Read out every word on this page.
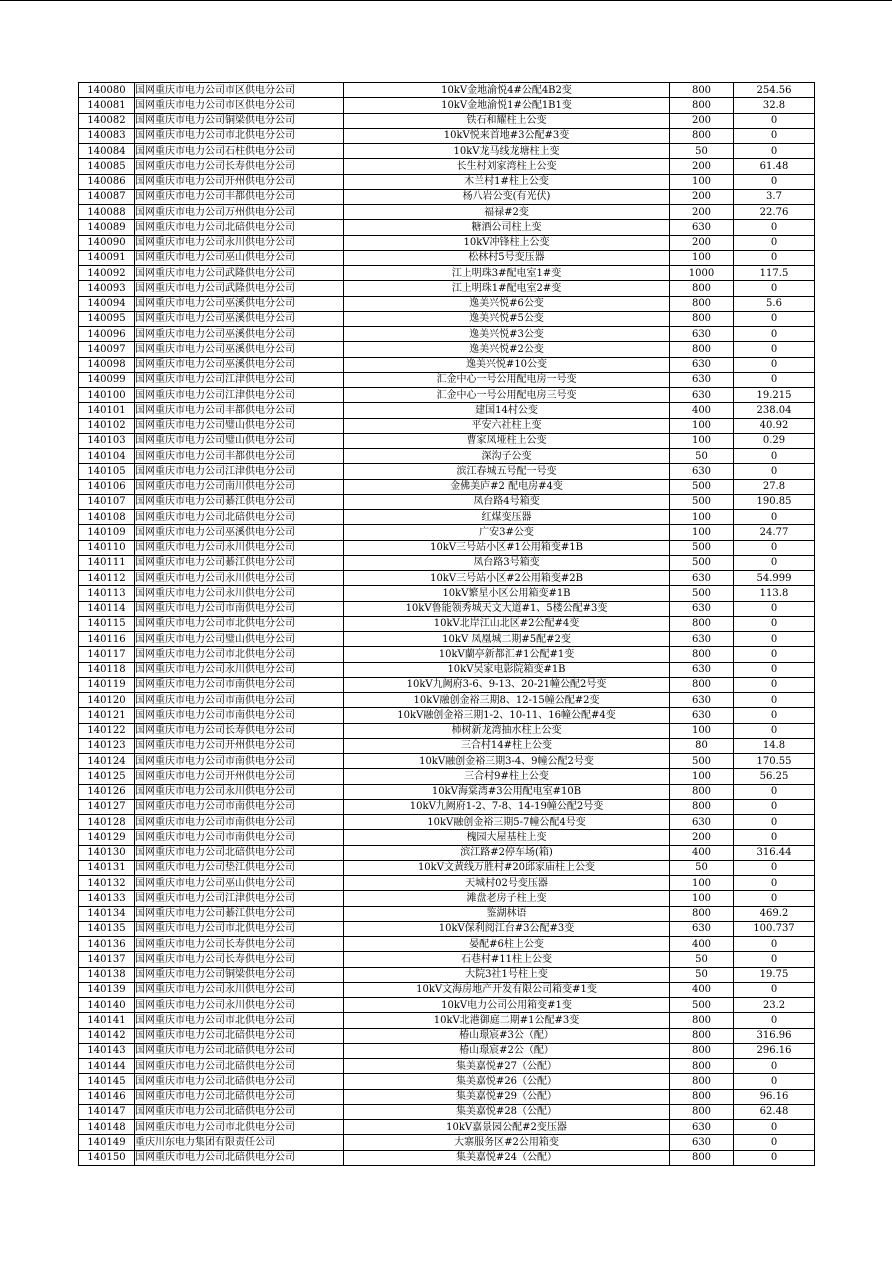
140080	国网重庆市电力公司市区供电分公司	10kV金地渝悦4#公配4B2变	800	254.56
140081	国网重庆市电力公司市区供电分公司	10kV金地渝悦1#公配1B1变	800	32.8
140082	国网重庆市电力公司铜梁供电分公司	铁石和耀柱上公变	200	0
140083	国网重庆市电力公司市北供电分公司	10kV悦来首地#3公配#3变	800	0
140084	国网重庆市电力公司石柱供电分公司	10kV龙马线龙塘柱上变	50	0
140085	国网重庆市电力公司长寿供电分公司	长生村刘家湾柱上公变	200	61.48
140086	国网重庆市电力公司开州供电分公司	木兰村1#柱上公变	100	0
140087	国网重庆市电力公司丰都供电分公司	杨八岩公变(有光伏)	200	3.7
140088	国网重庆市电力公司万州供电分公司	福禄#2变	200	22.76
140089	国网重庆市电力公司北碚供电分公司	糖酒公司柱上变	630	0
140090	国网重庆市电力公司永川供电分公司	10kV冲锋柱上公变	200	0
140091	国网重庆市电力公司巫山供电分公司	松林村5号变压器	100	0
140092	国网重庆市电力公司武隆供电分公司	江上明珠3#配电室1#变	1000	117.5
140093	国网重庆市电力公司武隆供电分公司	江上明珠1#配电室2#变	800	0
140094	国网重庆市电力公司巫溪供电分公司	逸美兴悦#6公变	800	5.6
140095	国网重庆市电力公司巫溪供电分公司	逸美兴悦#5公变	800	0
140096	国网重庆市电力公司巫溪供电分公司	逸美兴悦#3公变	630	0
140097	国网重庆市电力公司巫溪供电分公司	逸美兴悦#2公变	800	0
140098	国网重庆市电力公司巫溪供电分公司	逸美兴悦#10公变	630	0
140099	国网重庆市电力公司江津供电分公司	汇金中心一号公用配电房一号变	630	0
140100	国网重庆市电力公司江津供电分公司	汇金中心一号公用配电房三号变	630	19.215
140101	国网重庆市电力公司丰都供电分公司	建国14村公变	400	238.04
140102	国网重庆市电力公司璧山供电分公司	平安六社柱上变	100	40.92
140103	国网重庆市电力公司璧山供电分公司	曹家凤垭柱上公变	100	0.29
140104	国网重庆市电力公司丰都供电分公司	深沟子公变	50	0
140105	国网重庆市电力公司江津供电分公司	滨江春城五号配一号变	630	0
140106	国网重庆市电力公司南川供电分公司	金佛美庐#2 配电房#4变	500	27.8
140107	国网重庆市电力公司綦江供电分公司	凤台路4号箱变	500	190.85
140108	国网重庆市电力公司北碚供电分公司	红煤变压器	100	0
140109	国网重庆市电力公司巫溪供电分公司	广安3#公变	100	24.77
140110	国网重庆市电力公司永川供电分公司	10kV三号站小区#1公用箱变#1B	500	0
140111	国网重庆市电力公司綦江供电分公司	凤台路3号箱变	500	0
140112	国网重庆市电力公司永川供电分公司	10kV三号站小区#2公用箱变#2B	630	54.999
140113	国网重庆市电力公司永川供电分公司	10kV繁星小区公用箱变#1B	500	113.8
140114	国网重庆市电力公司市南供电分公司	10kV鲁能领秀城天文大道#1、5楼公配#3变	630	0
140115	国网重庆市电力公司市北供电分公司	10kV北岸江山北区#2公配#4变	800	0
140116	国网重庆市电力公司璧山供电分公司	10kV 凤凰城二期#5配#2变	630	0
140117	国网重庆市电力公司市北供电分公司	10kV蘭亭新都汇#1公配#1变	800	0
140118	国网重庆市电力公司永川供电分公司	10kV吴家电影院箱变#1B	630	0
140119	国网重庆市电力公司市南供电分公司	10kV九阙府3-6、9-13、20-21幢公配2号变	800	0
140120	国网重庆市电力公司市南供电分公司	10kV融创金裕三期8、12-15幢公配#2变	630	0
140121	国网重庆市电力公司市南供电分公司	10kV融创金裕三期1-2、10-11、16幢公配#4变	630	0
140122	国网重庆市电力公司长寿供电分公司	柿树新龙湾抽水柱上公变	100	0
140123	国网重庆市电力公司开州供电分公司	三合村14#柱上公变	80	14.8
140124	国网重庆市电力公司市南供电分公司	10kV融创金裕三期3-4、9幢公配2号变	500	170.55
140125	国网重庆市电力公司开州供电分公司	三合村9#柱上公变	100	56.25
140126	国网重庆市电力公司永川供电分公司	10kV海棠湾#3公用配电室#10B	800	0
140127	国网重庆市电力公司市南供电分公司	10kV九阙府1-2、7-8、14-19幢公配2号变	800	0
140128	国网重庆市电力公司市南供电分公司	10kV融创金裕三期5-7幢公配4号变	630	0
140129	国网重庆市电力公司市南供电分公司	槐园大屋基柱上变	200	0
140130	国网重庆市电力公司北碚供电分公司	滨江路#2停车场(箱)	400	316.44
140131	国网重庆市电力公司垫江供电分公司	10kV文黄线万胜村#20邱家庙柱上公变	50	0
140132	国网重庆市电力公司巫山供电分公司	天城村02号变压器	100	0
140133	国网重庆市电力公司江津供电分公司	滩盘老房子柱上变	100	0
140134	国网重庆市电力公司綦江供电分公司	鉴湖林语	800	469.2
140135	国网重庆市电力公司市北供电分公司	10kV保利阅江台#3公配#3变	630	100.737
140136	国网重庆市电力公司长寿供电分公司	晏配#6柱上公变	400	0
140137	国网重庆市电力公司长寿供电分公司	石巷村#11柱上公变	50	0
140138	国网重庆市电力公司铜梁供电分公司	大院3社1号柱上变	50	19.75
140139	国网重庆市电力公司永川供电分公司	10kV文海房地产开发有限公司箱变#1变	400	0
140140	国网重庆市电力公司永川供电分公司	10kV电力公司公用箱变#1变	500	23.2
140141	国网重庆市电力公司市北供电分公司	10kV北港御庭二期#1公配#3变	800	0
140142	国网重庆市电力公司北碚供电分公司	椿山璟宸#3公（配）	800	316.96
140143	国网重庆市电力公司北碚供电分公司	椿山璟宸#2公（配）	800	296.16
140144	国网重庆市电力公司北碚供电分公司	集美嘉悦#27（公配）	800	0
140145	国网重庆市电力公司北碚供电分公司	集美嘉悦#26（公配）	800	0
140146	国网重庆市电力公司北碚供电分公司	集美嘉悦#29（公配）	800	96.16
140147	国网重庆市电力公司北碚供电分公司	集美嘉悦#28（公配）	800	62.48
140148	国网重庆市电力公司市北供电分公司	10kV嘉景园公配#2变压器	630	0
140149	重庆川东电力集团有限责任公司	大寨服务区#2公用箱变	630	0
140150	国网重庆市电力公司北碚供电分公司	集美嘉悦#24（公配）	800	0
